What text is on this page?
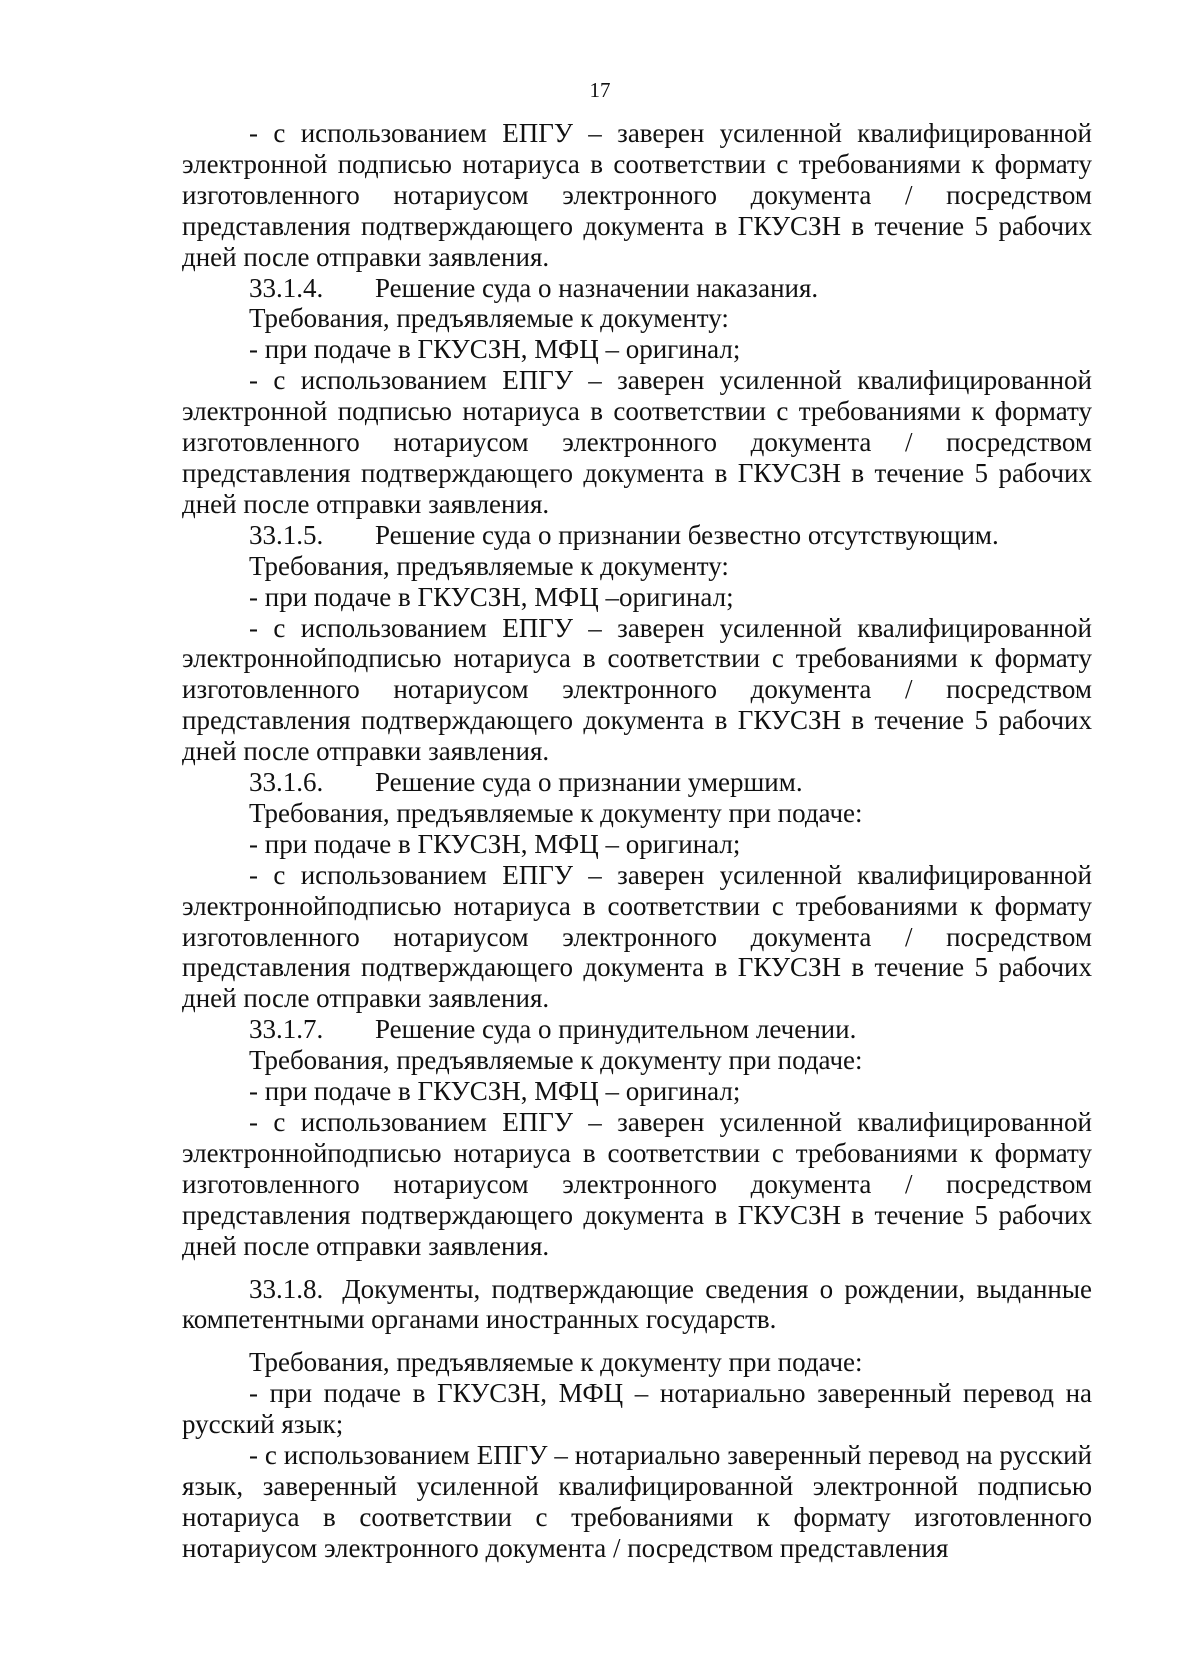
17

- с использованием ЕПГУ – заверен усиленной квалифицированной электронной подписью нотариуса в соответствии с требованиями к формату изготовленного нотариусом электронного документа / посредством представления подтверждающего документа в ГКУСЗН в течение 5 рабочих дней после отправки заявления.

33.1.4. Решение суда о назначении наказания.

Требования, предъявляемые к документу:

- при подаче в ГКУСЗН, МФЦ – оригинал;

- с использованием ЕПГУ – заверен усиленной квалифицированной электронной подписью нотариуса в соответствии с требованиями к формату изготовленного нотариусом электронного документа / посредством представления подтверждающего документа в ГКУСЗН в течение 5 рабочих дней после отправки заявления.

33.1.5. Решение суда о признании безвестно отсутствующим.

Требования, предъявляемые к документу:

- при подаче в ГКУСЗН, МФЦ –оригинал;

- с использованием ЕПГУ – заверен усиленной квалифицированной электроннойподписью нотариуса в соответствии с требованиями к формату изготовленного нотариусом электронного документа / посредством представления подтверждающего документа в ГКУСЗН в течение 5 рабочих дней после отправки заявления.

33.1.6. Решение суда о признании умершим.

Требования, предъявляемые к документу при подаче:

- при подаче в ГКУСЗН, МФЦ – оригинал;

- с использованием ЕПГУ – заверен усиленной квалифицированной электроннойподписью нотариуса в соответствии с требованиями к формату изготовленного нотариусом электронного документа / посредством представления подтверждающего документа в ГКУСЗН в течение 5 рабочих дней после отправки заявления.

33.1.7. Решение суда о принудительном лечении.

Требования, предъявляемые к документу при подаче:

- при подаче в ГКУСЗН, МФЦ – оригинал;

- с использованием ЕПГУ – заверен усиленной квалифицированной электроннойподписью нотариуса в соответствии с требованиями к формату изготовленного нотариусом электронного документа / посредством представления подтверждающего документа в ГКУСЗН в течение 5 рабочих дней после отправки заявления.

33.1.8. Документы, подтверждающие сведения о рождении, выданные компетентными органами иностранных государств.

Требования, предъявляемые к документу при подаче:

- при подаче в ГКУСЗН, МФЦ – нотариально заверенный перевод на русский язык;

- с использованием ЕПГУ – нотариально заверенный перевод на русский язык, заверенный усиленной квалифицированной электронной подписью нотариуса в соответствии с требованиями к формату изготовленного нотариусом электронного документа / посредством представления
